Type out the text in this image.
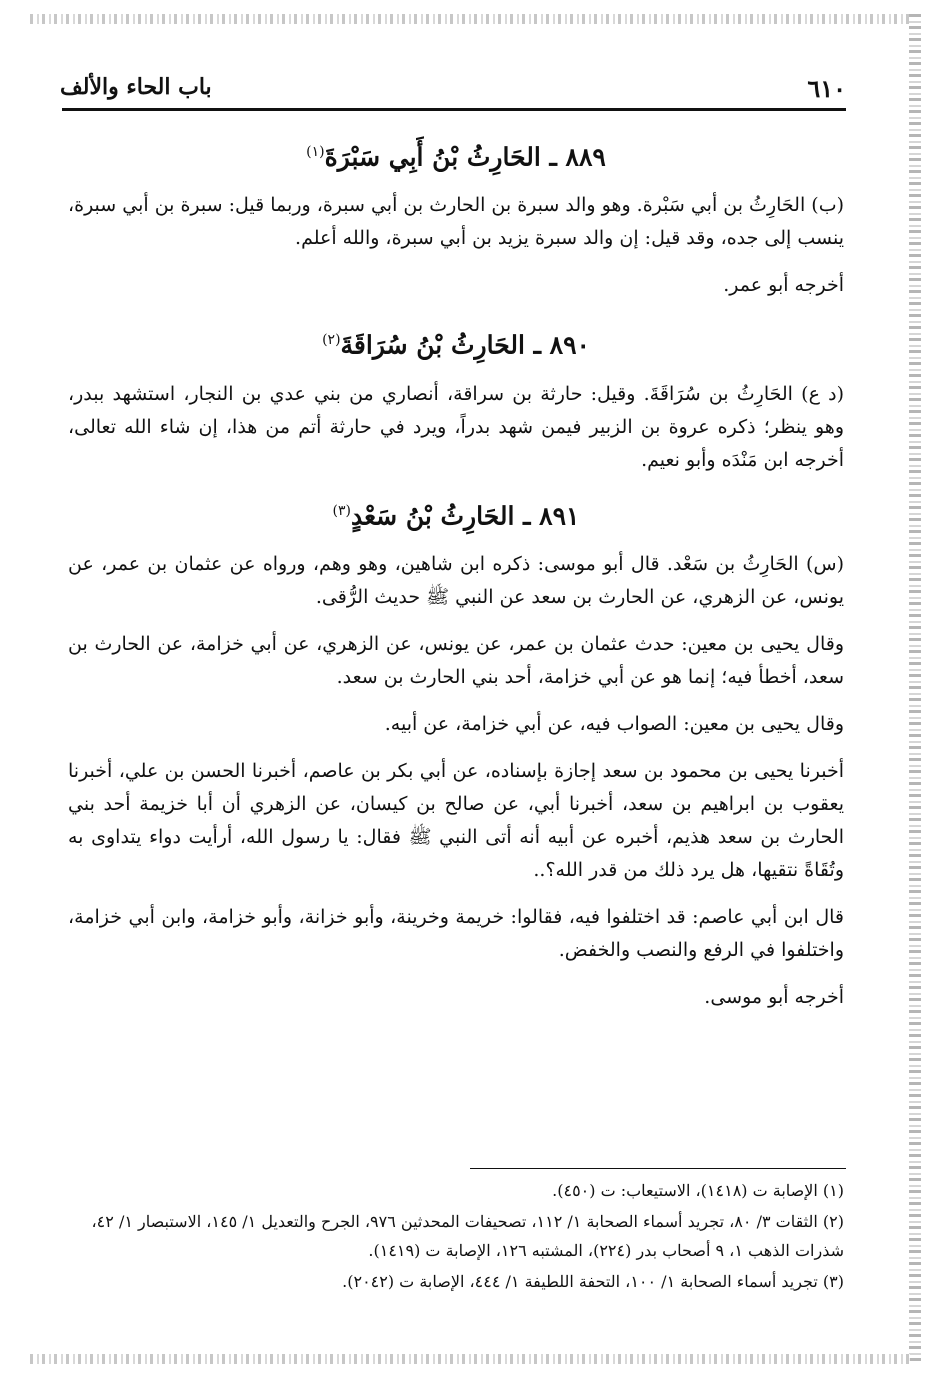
٦١٠
باب الحاء والألف
٨٨٩ ـ الحَارِثُ بْنُ أَبِي سَبْرَةَ$^{(١)}$

(ب) الحَارِثُ بن أبي سَبْرة. وهو والد سبرة بن الحارث بن أبي سبرة، وربما قيل: سبرة بن أبي سبرة، ينسب إلى جده، وقد قيل: إن والد سبرة يزيد بن أبي سبرة، والله أعلم.

أخرجه أبو عمر.

٨٩٠ ـ الحَارِثُ بْنُ سُرَاقَةَ$^{(٢)}$

(د ع) الحَارِثُ بن سُرَاقَةَ. وقيل: حارثة بن سراقة، أنصاري من بني عدي بن النجار، استشهد ببدر، وهو ينظر؛ ذكره عروة بن الزبير فيمن شهد بدراً، ويرد في حارثة أتم من هذا، إن شاء الله تعالى، أخرجه ابن مَنْدَه وأبو نعيم.

٨٩١ ـ الحَارِثُ بْنُ سَعْدٍ$^{(٣)}$

(س) الحَارِثُ بن سَعْد. قال أبو موسى: ذكره ابن شاهين، وهو وهم، ورواه عن عثمان بن عمر، عن يونس، عن الزهري، عن الحارث بن سعد عن النبي ﷺ حديث الرُّقى.

وقال يحيى بن معين: حدث عثمان بن عمر، عن يونس، عن الزهري، عن أبي خزامة، عن الحارث بن سعد، أخطأ فيه؛ إنما هو عن أبي خزامة، أحد بني الحارث بن سعد.

وقال يحيى بن معين: الصواب فيه، عن أبي خزامة، عن أبيه.

أخبرنا يحيى بن محمود بن سعد إجازة بإسناده، عن أبي بكر بن عاصم، أخبرنا الحسن بن علي، أخبرنا يعقوب بن ابراهيم بن سعد، أخبرنا أبي، عن صالح بن كيسان، عن الزهري أن أبا خزيمة أحد بني الحارث بن سعد هذيم، أخبره عن أبيه أنه أتى النبي ﷺ فقال: يا رسول الله، أرأيت دواء يتداوى به وتُقَاةً نتقيها، هل يرد ذلك من قدر الله؟..

قال ابن أبي عاصم: قد اختلفوا فيه، فقالوا: خريمة وخرينة، وأبو خزانة، وأبو خزامة، وابن أبي خزامة، واختلفوا في الرفع والنصب والخفض.

أخرجه أبو موسى.

(١) الإصابة ت (١٤١٨)، الاستيعاب: ت (٤٥٠).
(٢) الثقات ٣/ ٨٠، تجريد أسماء الصحابة ١/ ١١٢، تصحيفات المحدثين ٩٧٦، الجرح والتعديل ١/ ١٤٥، الاستبصار ١/ ٤٢، شذرات الذهب ١، ٩ أصحاب بدر (٢٢٤)، المشتبه ١٢٦، الإصابة ت (١٤١٩).
(٣) تجريد أسماء الصحابة ١/ ١٠٠، التحفة اللطيفة ١/ ٤٤٤، الإصابة ت (٢٠٤٢).
